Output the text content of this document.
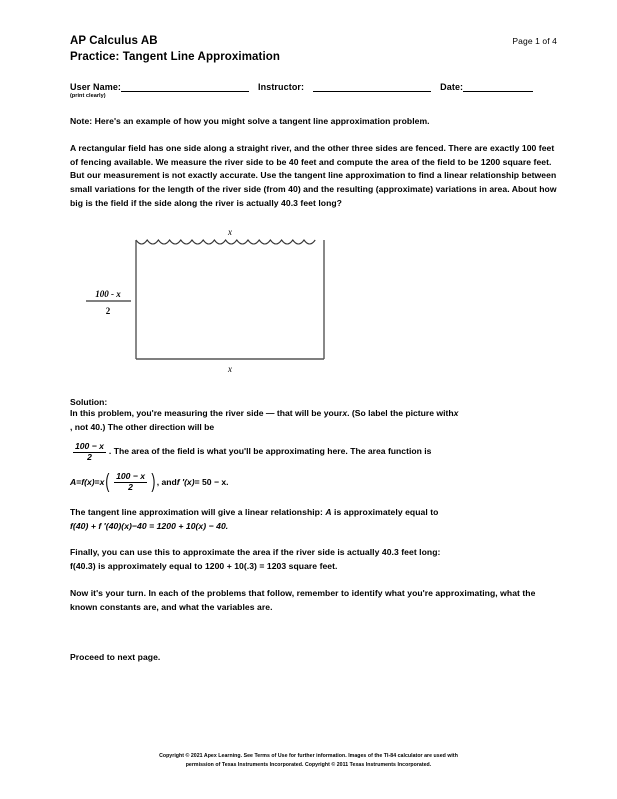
AP Calculus AB
Practice: Tangent Line Approximation
Page 1 of 4
User Name:	Instructor:	Date:
(print clearly)
Note: Here's an example of how you might solve a tangent line approximation problem.
A rectangular field has one side along a straight river, and the other three sides are fenced. There are exactly 100 feet of fencing available. We measure the river side to be 40 feet and compute the area of the field to be 1200 square feet. But our measurement is not exactly accurate. Use the tangent line approximation to find a linear relationship between small variations for the length of the river side (from 40) and the resulting (approximate) variations in area. About how big is the field if the side along the river is actually 40.3 feet long?
x
x
100 - x
2
Solution:
In this problem, you're measuring the river side — that will be your x . (So label the picture with x
, not 40.) The other direction will be
$\frac{100 - x}{2}$ . The area of the field is what you'll be approximating here. The area function is
A = f(x) = x ( $\frac{100 - x}{2}$ ) , and f ′(x) = 50 − x .
The tangent line approximation will give a linear relationship: A is approximately equal to
f(40) + f ′(40)(x)−40 = 1200 + 10(x) − 40.
Finally, you can use this to approximate the area if the river side is actually 40.3 feet long:
f(40.3) is approximately equal to 1200 + 10(.3) = 1203 square feet.
Now it's your turn. In each of the problems that follow, remember to identify what you're approximating, what the known constants are, and what the variables are.
Proceed to next page.
Copyright © 2021 Apex Learning. See Terms of Use for further information. Images of the TI-84 calculator are used with
permission of Texas Instruments Incorporated. Copyright © 2011 Texas Instruments Incorporated.
